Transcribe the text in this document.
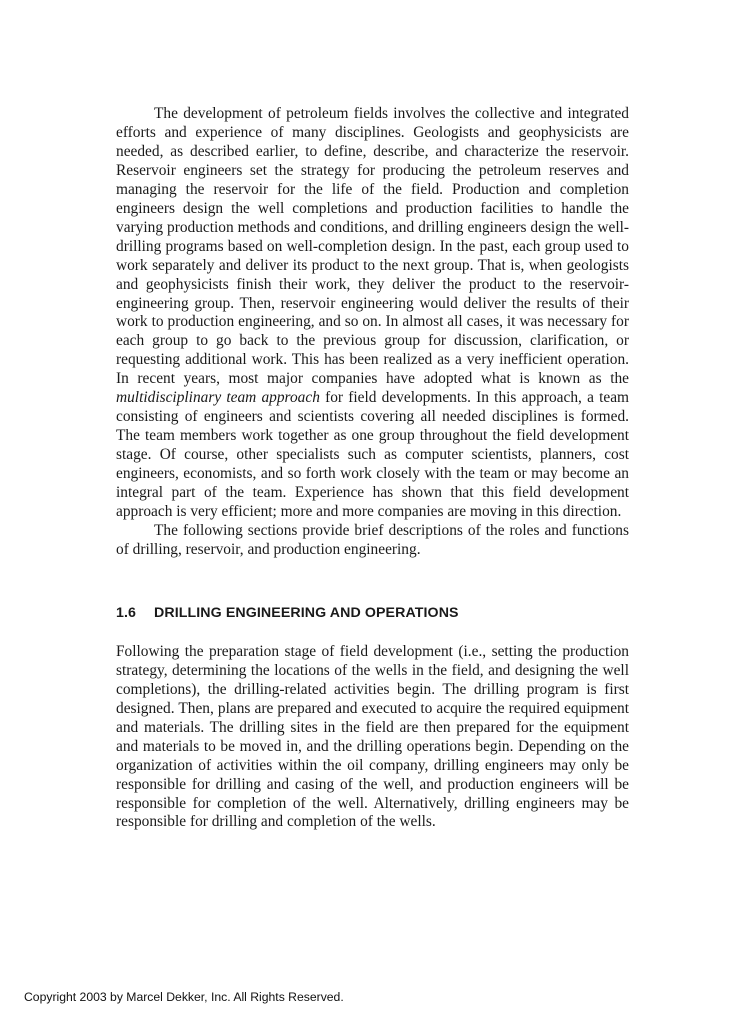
The development of petroleum fields involves the collective and integrated efforts and experience of many disciplines. Geologists and geophysicists are needed, as described earlier, to define, describe, and characterize the reservoir. Reservoir engineers set the strategy for producing the petroleum reserves and managing the reservoir for the life of the field. Production and completion engineers design the well completions and production facilities to handle the varying production methods and conditions, and drilling engineers design the well-drilling programs based on well-completion design. In the past, each group used to work separately and deliver its product to the next group. That is, when geologists and geophysicists finish their work, they deliver the product to the reservoir-engineering group. Then, reservoir engineering would deliver the results of their work to production engineering, and so on. In almost all cases, it was necessary for each group to go back to the previous group for discussion, clarification, or requesting additional work. This has been realized as a very inefficient operation. In recent years, most major companies have adopted what is known as the multidisciplinary team approach for field developments. In this approach, a team consisting of engineers and scientists covering all needed disciplines is formed. The team members work together as one group throughout the field development stage. Of course, other specialists such as computer scientists, planners, cost engineers, economists, and so forth work closely with the team or may become an integral part of the team. Experience has shown that this field development approach is very efficient; more and more companies are moving in this direction.

The following sections provide brief descriptions of the roles and functions of drilling, reservoir, and production engineering.

1.6 DRILLING ENGINEERING AND OPERATIONS

Following the preparation stage of field development (i.e., setting the production strategy, determining the locations of the wells in the field, and designing the well completions), the drilling-related activities begin. The drilling program is first designed. Then, plans are prepared and executed to acquire the required equipment and materials. The drilling sites in the field are then prepared for the equipment and materials to be moved in, and the drilling operations begin. Depending on the organization of activities within the oil company, drilling engineers may only be responsible for drilling and casing of the well, and production engineers will be responsible for completion of the well. Alternatively, drilling engineers may be responsible for drilling and completion of the wells.

Copyright 2003 by Marcel Dekker, Inc. All Rights Reserved.
